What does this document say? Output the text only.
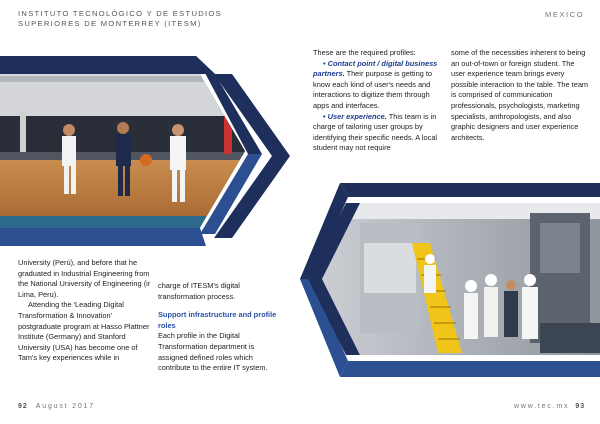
INSTITUTO TECNOLÓGICO Y DE ESTUDIOS
SUPERIORES DE MONTERREY (ITESM)
MEXICO

These are the required profiles:

• Contact point / digital business partners. Their purpose is getting to know each kind of user's needs and interactions to digitize them through apps and interfaces.

• User experience. This team is in charge of tailoring user groups by identifying their specific needs. A local student may not require

some of the necessities inherent to being an out-of-town or foreign student. The user experience team brings every possible interaction to the table. The team is comprised of communication professionals, psychologists, marketing specialists, anthropologists, and also graphic designers and user experience architects.

University (Perú), and before that he graduated in Industrial Engineering from the National University of Engineering (ir Lima, Peru).

Attending the 'Leading Digital Transformation & Innovation' postgraduate program at Hasso Plattner Institute (Germany) and Stanford University (USA) has become one of Tam's key experiences while in

charge of ITESM's digital transformation process.

Support infrastructure and profile roles

Each profile in the Digital Transformation department is assigned defined roles which contribute to the entire IT system.

92 August 2017	www.tec.mx 93
